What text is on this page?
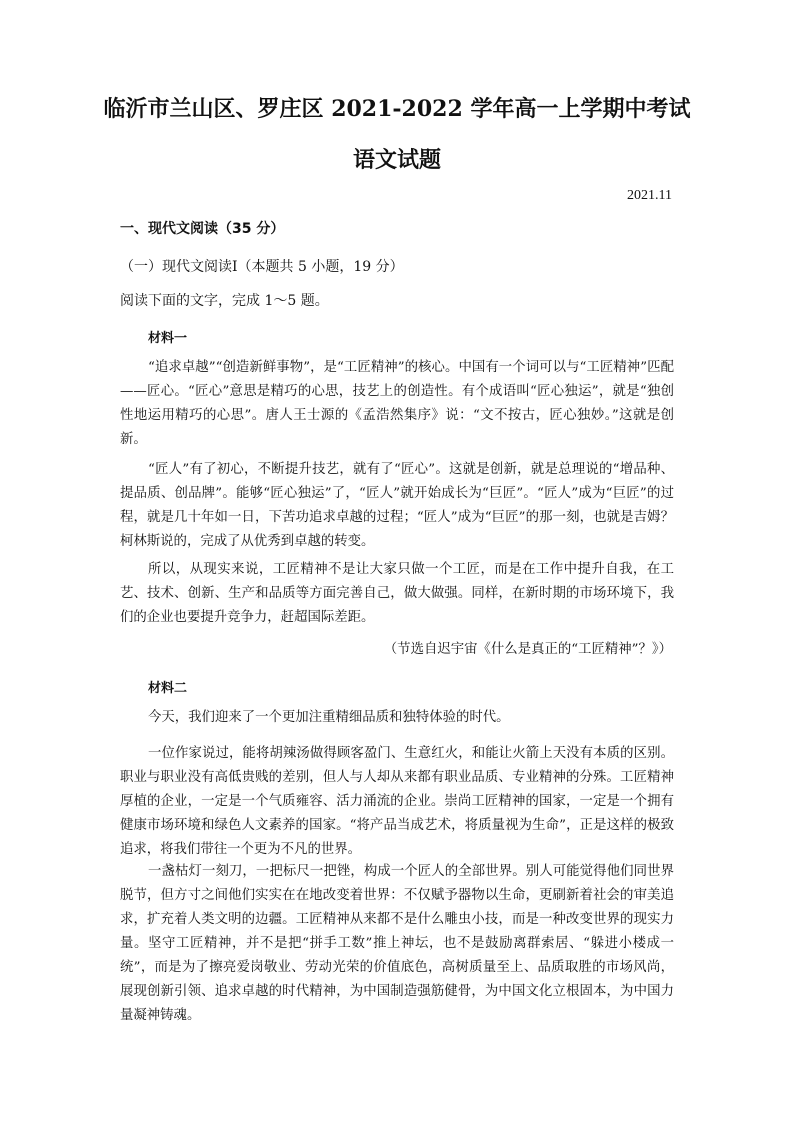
临沂市兰山区、罗庄区 2021-2022 学年高一上学期中考试
语文试题
2021.11
一、现代文阅读（35 分）
（一）现代文阅读Ⅰ（本题共 5 小题，19 分）
阅读下面的文字，完成 1～5 题。
材料一

“追求卓越”“创造新鲜事物”，是“工匠精神”的核心。中国有一个词可以与“工匠精神”匹配——匠心。“匠心”意思是精巧的心思，技艺上的创造性。有个成语叫“匠心独运”，就是“独创性地运用精巧的心思”。唐人王士源的《孟浩然集序》说：“文不按古，匠心独妙。”这就是创新。

“匠人”有了初心，不断提升技艺，就有了“匠心”。这就是创新，就是总理说的“增品种、提品质、创品牌”。能够“匠心独运”了，“匠人”就开始成长为“巨匠”。“匠人”成为“巨匠”的过程，就是几十年如一日，下苦功追求卓越的过程；“匠人”成为“巨匠”的那一刻，也就是吉姆？柯林斯说的，完成了从优秀到卓越的转变。

所以，从现实来说，工匠精神不是让大家只做一个工匠，而是在工作中提升自我，在工艺、技术、创新、生产和品质等方面完善自己，做大做强。同样，在新时期的市场环境下，我们的企业也要提升竞争力，赶超国际差距。

（节选自迟宇宙《什么是真正的“工匠精神”？》）
材料二

今天，我们迎来了一个更加注重精细品质和独特体验的时代。

一位作家说过，能将胡辣汤做得顾客盈门、生意红火，和能让火箭上天没有本质的区别。职业与职业没有高低贵贱的差别，但人与人却从来都有职业品质、专业精神的分殊。工匠精神厚植的企业，一定是一个气质雍容、活力涌流的企业。崇尚工匠精神的国家，一定是一个拥有健康市场环境和绿色人文素养的国家。“将产品当成艺术，将质量视为生命”，正是这样的极致追求，将我们带往一个更为不凡的世界。

一盏枯灯一刻刀，一把标尺一把锉，构成一个匠人的全部世界。别人可能觉得他们同世界脱节，但方寸之间他们实实在在地改变着世界：不仅赋予器物以生命，更刷新着社会的审美追求，扩充着人类文明的边疆。工匠精神从来都不是什么雕虫小技，而是一种改变世界的现实力量。坚守工匠精神，并不是把“拼手工数”推上神坛，也不是鼓励离群索居、“躲进小楼成一统”，而是为了擦亮爱岗敬业、劳动光荣的价值底色，高树质量至上、品质取胜的市场风尚，展现创新引领、追求卓越的时代精神，为中国制造强筋健骨，为中国文化立根固本，为中国力量凝神铸魂。
